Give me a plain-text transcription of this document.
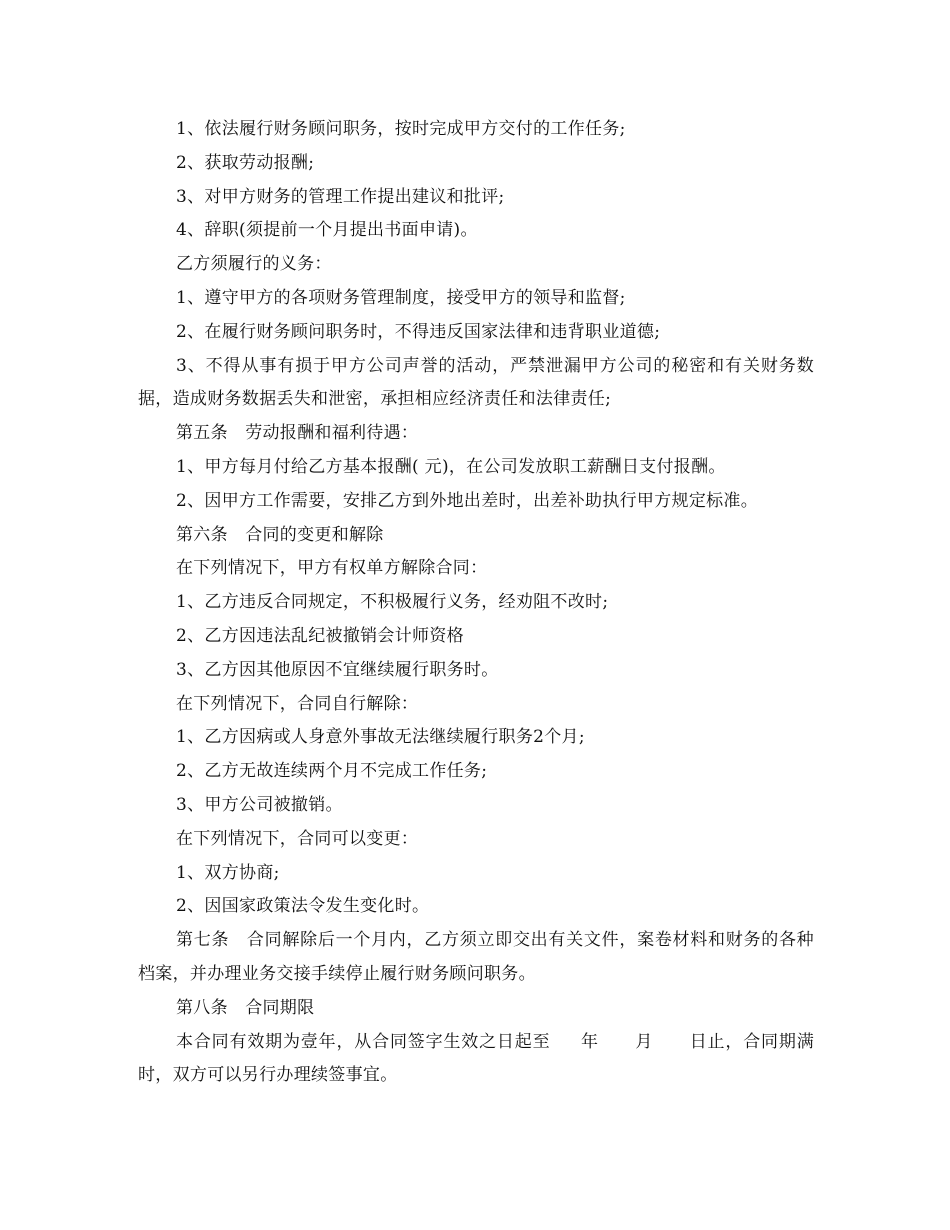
1、依法履行财务顾问职务，按时完成甲方交付的工作任务;

2、获取劳动报酬;

3、对甲方财务的管理工作提出建议和批评;

4、辞职(须提前一个月提出书面申请)。

乙方须履行的义务：

1、遵守甲方的各项财务管理制度，接受甲方的领导和监督;

2、在履行财务顾问职务时，不得违反国家法律和违背职业道德;

3、不得从事有损于甲方公司声誉的活动，严禁泄漏甲方公司的秘密和有关财务数据，造成财务数据丢失和泄密，承担相应经济责任和法律责任;

第五条　劳动报酬和福利待遇：

1、甲方每月付给乙方基本报酬( 元)，在公司发放职工薪酬日支付报酬。

2、因甲方工作需要，安排乙方到外地出差时，出差补助执行甲方规定标准。

第六条　合同的变更和解除

在下列情况下，甲方有权单方解除合同：

1、乙方违反合同规定，不积极履行义务，经劝阻不改时;

2、乙方因违法乱纪被撤销会计师资格

3、乙方因其他原因不宜继续履行职务时。

在下列情况下，合同自行解除：

1、乙方因病或人身意外事故无法继续履行职务2个月;

2、乙方无故连续两个月不完成工作任务;

3、甲方公司被撤销。

在下列情况下，合同可以变更：

1、双方协商;

2、因国家政策法令发生变化时。

第七条　合同解除后一个月内，乙方须立即交出有关文件，案卷材料和财务的各种档案，并办理业务交接手续停止履行财务顾问职务。

第八条　合同期限

本合同有效期为壹年，从合同签字生效之日起至 年 月 日止，合同期满时，双方可以另行办理续签事宜。
